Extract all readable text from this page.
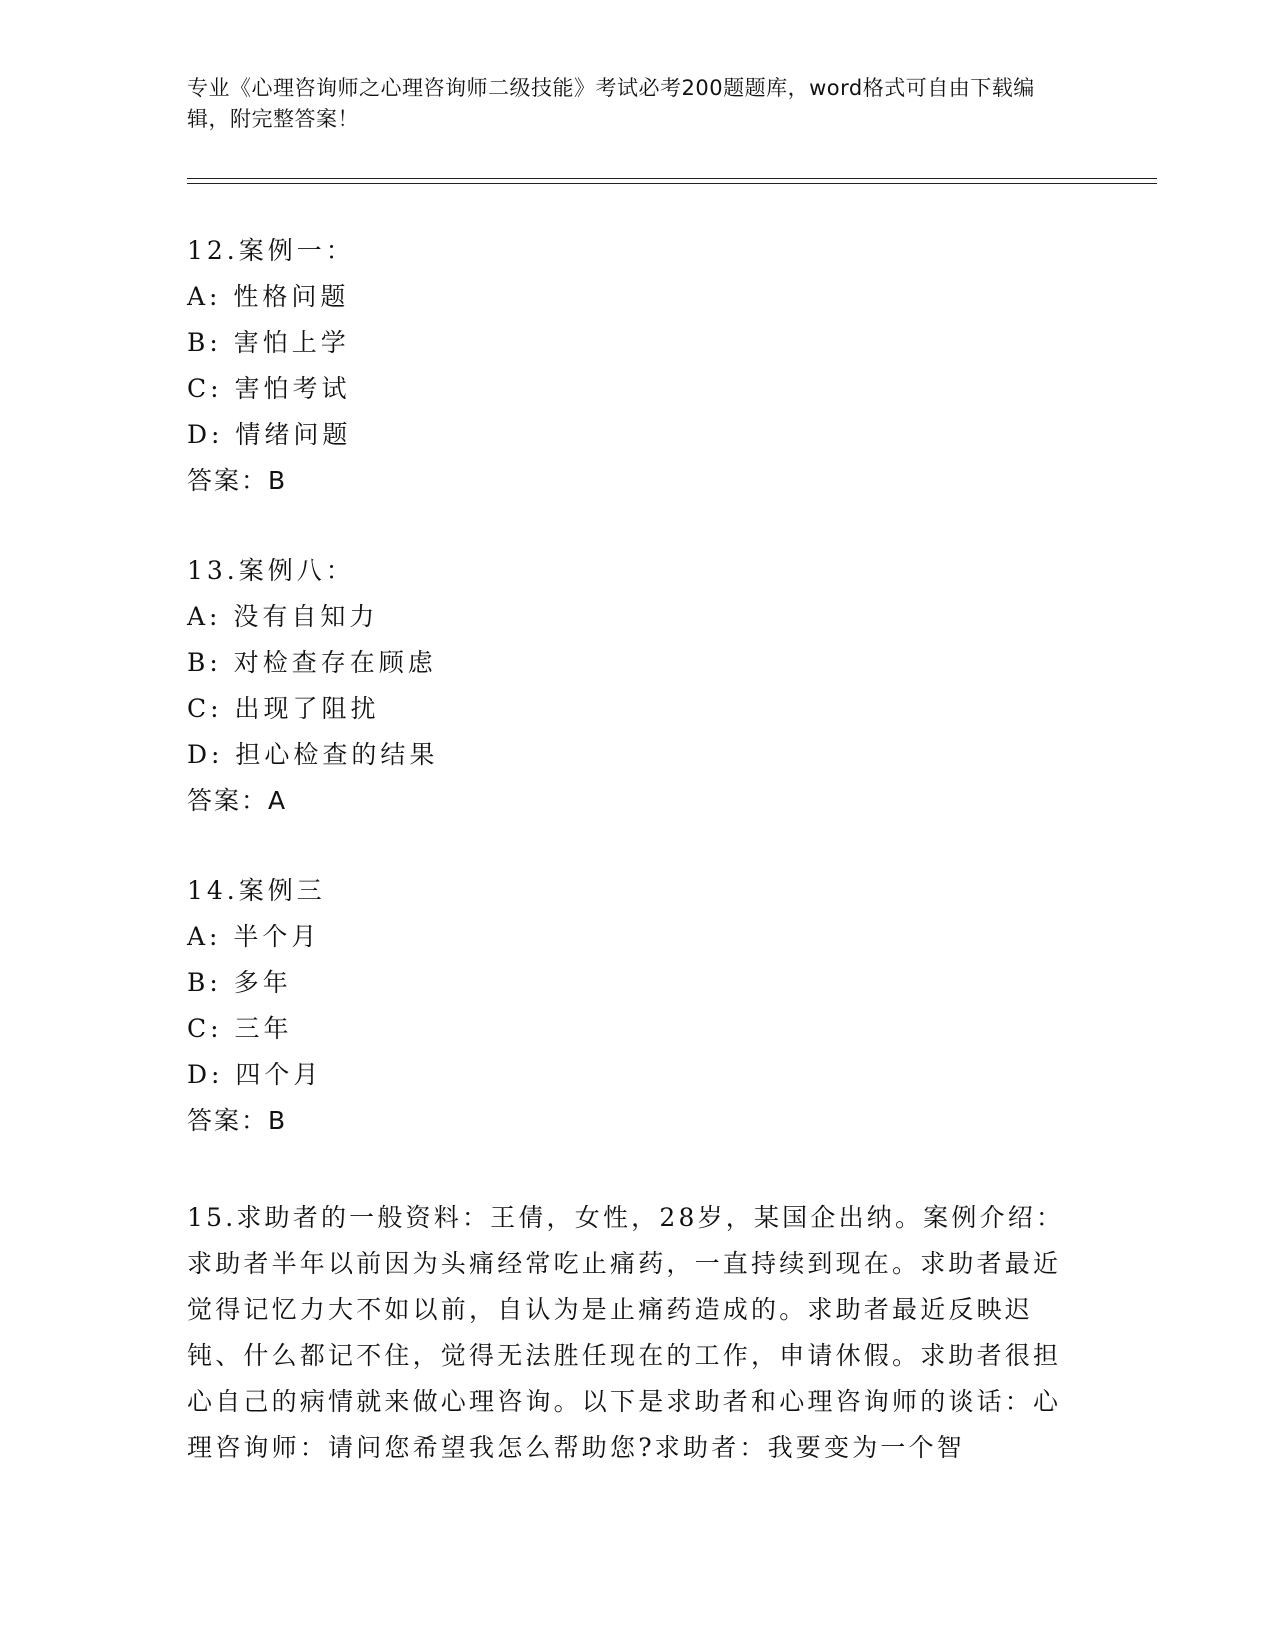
专业《心理咨询师之心理咨询师二级技能》考试必考200题题库，word格式可自由下载编辑，附完整答案！
12.案例一：
A: 性格问题
B: 害怕上学
C: 害怕考试
D: 情绪问题
答案：B
13.案例八：
A: 没有自知力
B: 对检查存在顾虑
C: 出现了阻扰
D: 担心检查的结果
答案：A
14.案例三
A: 半个月
B: 多年
C: 三年
D: 四个月
答案：B
15.求助者的一般资料：王倩，女性，28岁，某国企出纳。案例介绍：求助者半年以前因为头痛经常吃止痛药，一直持续到现在。求助者最近觉得记忆力大不如以前，自认为是止痛药造成的。求助者最近反映迟钝、什么都记不住，觉得无法胜任现在的工作，申请休假。求助者很担心自己的病情就来做心理咨询。以下是求助者和心理咨询师的谈话：心理咨询师：请问您希望我怎么帮助您?求助者：我要变为一个智
